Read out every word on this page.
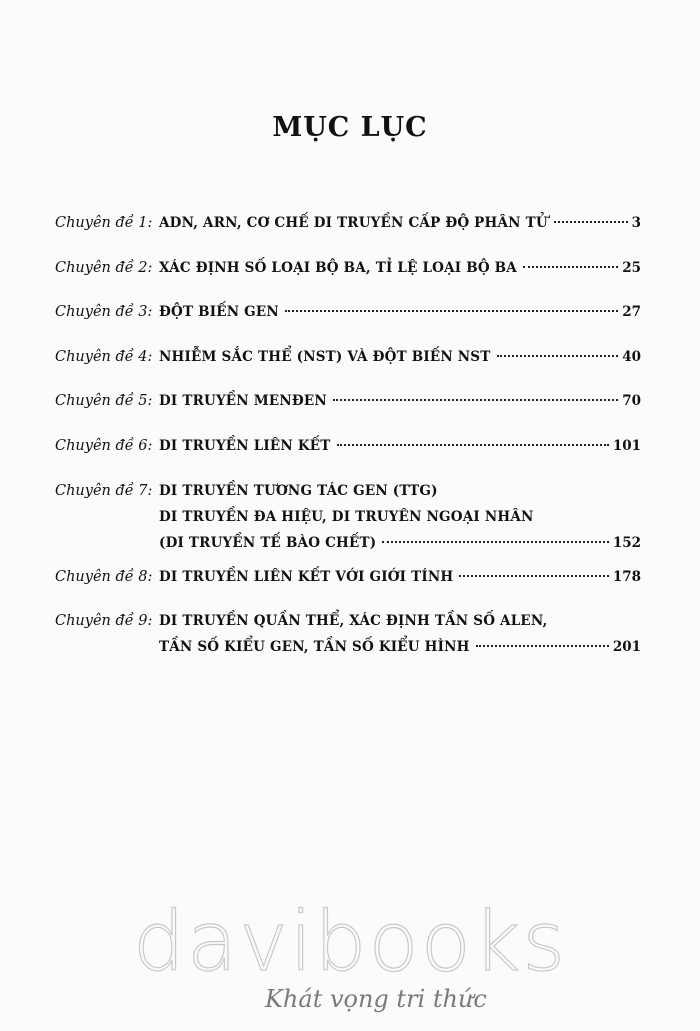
MỤC LỤC
Chuyên đề 1: ADN, ARN, CƠ CHẾ DI TRUYỀN CẤP ĐỘ PHÂN TỬ	3
Chuyên đề 2: XÁC ĐỊNH SỐ LOẠI BỘ BA, TỈ LỆ LOẠI BỘ BA	25
Chuyên đề 3: ĐỘT BIẾN GEN	27
Chuyên đề 4: NHIỄM SẮC THỂ (NST) VÀ ĐỘT BIẾN NST	40
Chuyên đề 5: DI TRUYỀN MENĐEN	70
Chuyên đề 6: DI TRUYỀN LIÊN KẾT	101
Chuyên đề 7: DI TRUYỀN TƯƠNG TÁC GEN (TTG)
DI TRUYỀN ĐA HIỆU, DI TRUYÊN NGOẠI NHÂN
(DI TRUYỀN TẾ BÀO CHẾT)	152
Chuyên đề 8: DI TRUYỀN LIÊN KẾT VỚI GIỚI TÍNH	178
Chuyên đề 9: DI TRUYỀN QUẦN THỂ, XÁC ĐỊNH TẦN SỐ ALEN,
TẦN SỐ KIỂU GEN, TẦN SỐ KIỂU HÌNH	201
davibooks
Khát vọng tri thức
